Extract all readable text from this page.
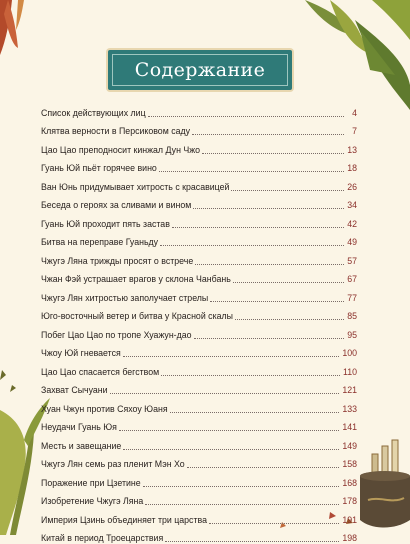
Содержание
Список действующих лиц	4
Клятва верности в Персиковом саду	7
Цао Цао преподносит кинжал Дун Чжо	13
Гуань Юй пьёт горячее вино	18
Ван Юнь придумывает хитрость с красавицей	26
Беседа о героях за сливами и вином	34
Гуань Юй проходит пять застав	42
Битва на переправе Гуаньду	49
Чжугэ Ляна трижды просят о встрече	57
Чжан Фэй устрашает врагов у склона Чанбань	67
Чжугэ Лян хитростью заполучает стрелы	77
Юго-восточный ветер и битва у Красной скалы	85
Побег Цао Цао по тропе Хуажун-дао	95
Чжоу Юй гневается	100
Цао Цао спасается бегством	110
Захват Сычуани	121
Хуан Чжун против Сяхоу Юаня	133
Неудачи Гуань Юя	141
Месть и завещание	149
Чжугэ Лян семь раз пленит Мэн Хо	158
Поражение при Цзетине	168
Изобретение Чжугэ Ляна	178
Империя Цзинь объединяет три царства	191
Китай в период Троецарствия	198
